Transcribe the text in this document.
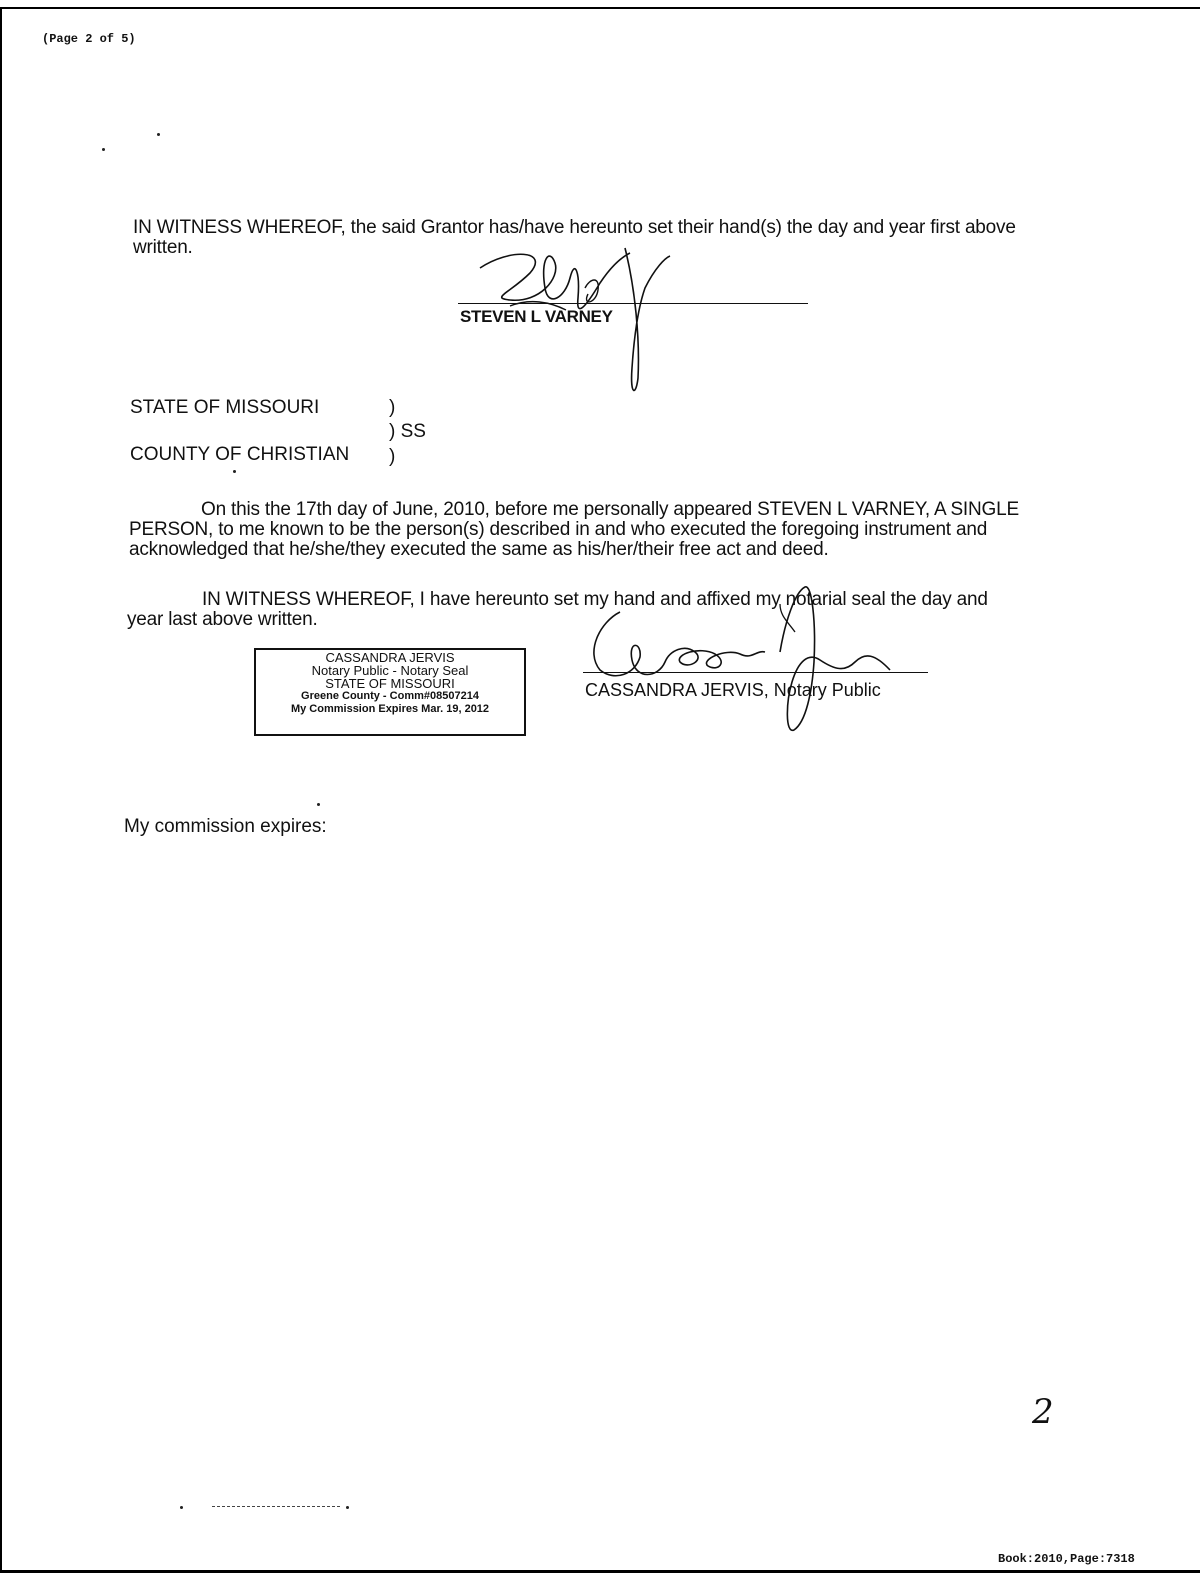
(Page 2 of 5)
IN WITNESS WHEREOF, the said Grantor has/have hereunto set their hand(s) the day and year first above written.
STEVEN L VARNEY
STATE OF MISSOURI	)
) SS
COUNTY OF CHRISTIAN )
On this the 17th day of June, 2010, before me personally appeared STEVEN L VARNEY, A SINGLE PERSON, to me known to be the person(s) described in and who executed the foregoing instrument and acknowledged that he/she/they executed the same as his/her/their free act and deed.
IN WITNESS WHEREOF, I have hereunto set my hand and affixed my notarial seal the day and year last above written.
CASSANDRA JERVIS
Notary Public - Notary Seal
STATE OF MISSOURI
Greene County - Comm#08507214
My Commission Expires Mar. 19, 2012
CASSANDRA JERVIS, Notary Public
My commission expires:
2
Book:2010,Page:7318
